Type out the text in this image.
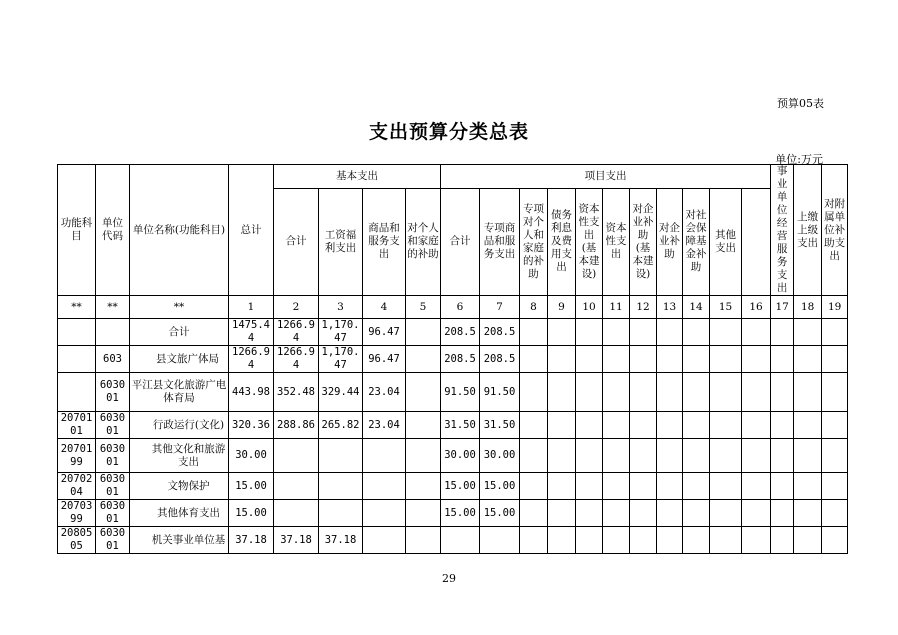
预算05表
支出预算分类总表
单位:万元
功能科目	单位代码	单位名称(功能科目)	总计	基本支出				项目支出											事业单位经营服务支出	上缴上级支出	对附属单位补助支出	
				合计	工资福利支出	商品和服务支出	对个人和家庭的补助	合计	专项商品和服务支出	专项对个人和家庭的补助	债务利息及费用支出	资本性支出(基本建设)	资本性支出	对企业补助(基本建设)	对企业补助	对社会保障基金补助	其他支出					
**	**	**	1	2	3	4	5	6	7	8	9	10	11	12	13	14	15	16	17	18	19	
		合计	1475.44	1266.94	1,170.47	96.47		208.5	208.5													
	603	县文旅广体局	1266.94	1266.94	1,170.47	96.47		208.5	208.5													
	603001	平江县文化旅游广电体育局	443.98	352.48	329.44	23.04		91.50	91.50													
2070101	603001	行政运行(文化)	320.36	288.86	265.82	23.04		31.50	31.50													
2070199	603001	其他文化和旅游支出	30.00					30.00	30.00													
2070204	603001	文物保护	15.00					15.00	15.00													
2070399	603001	其他体育支出	15.00					15.00	15.00													
2080505	603001	机关事业单位基	37.18	37.18	37.18																	
29
